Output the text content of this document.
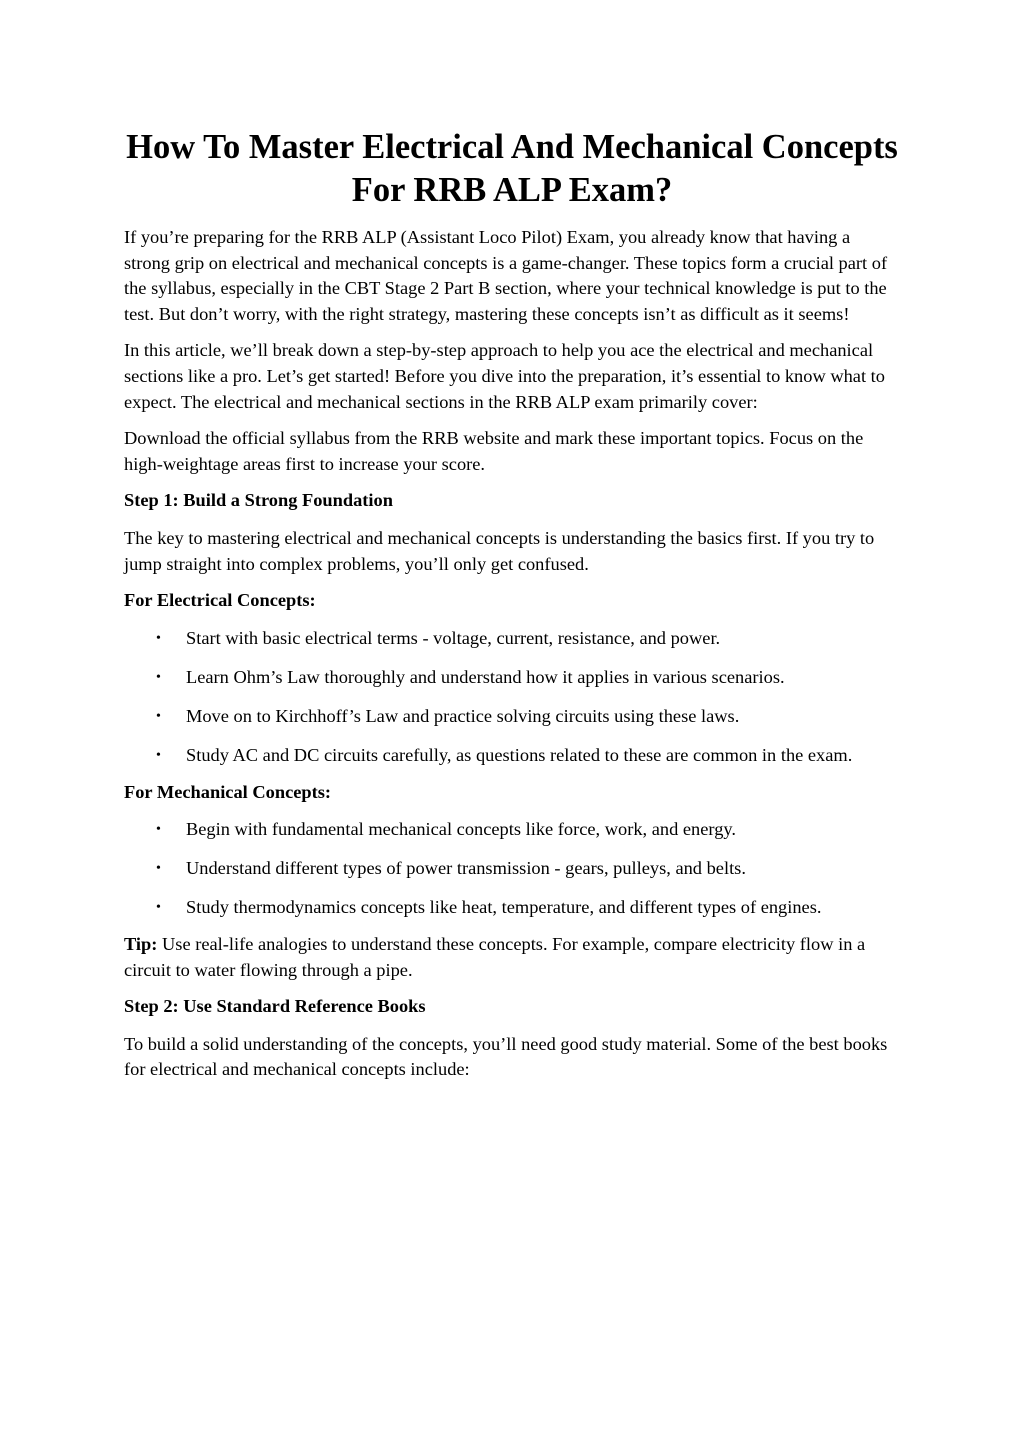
How To Master Electrical And Mechanical Concepts For RRB ALP Exam?

If you’re preparing for the RRB ALP (Assistant Loco Pilot) Exam, you already know that having a strong grip on electrical and mechanical concepts is a game-changer. These topics form a crucial part of the syllabus, especially in the CBT Stage 2 Part B section, where your technical knowledge is put to the test. But don’t worry, with the right strategy, mastering these concepts isn’t as difficult as it seems!

In this article, we’ll break down a step-by-step approach to help you ace the electrical and mechanical sections like a pro. Let’s get started! Before you dive into the preparation, it’s essential to know what to expect. The electrical and mechanical sections in the RRB ALP exam primarily cover:

Download the official syllabus from the RRB website and mark these important topics. Focus on the high-weightage areas first to increase your score.

Step 1: Build a Strong Foundation

The key to mastering electrical and mechanical concepts is understanding the basics first. If you try to jump straight into complex problems, you’ll only get confused.

For Electrical Concepts:

• Start with basic electrical terms - voltage, current, resistance, and power.
• Learn Ohm’s Law thoroughly and understand how it applies in various scenarios.
• Move on to Kirchhoff’s Law and practice solving circuits using these laws.
• Study AC and DC circuits carefully, as questions related to these are common in the exam.

For Mechanical Concepts:

• Begin with fundamental mechanical concepts like force, work, and energy.
• Understand different types of power transmission - gears, pulleys, and belts.
• Study thermodynamics concepts like heat, temperature, and different types of engines.

Tip: Use real-life analogies to understand these concepts. For example, compare electricity flow in a circuit to water flowing through a pipe.

Step 2: Use Standard Reference Books

To build a solid understanding of the concepts, you’ll need good study material. Some of the best books for electrical and mechanical concepts include:
